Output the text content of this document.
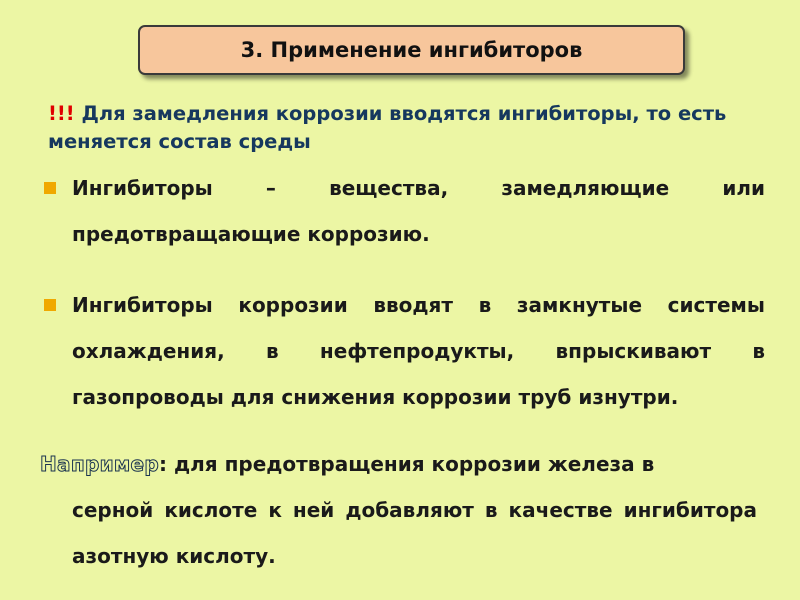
3. Применение ингибиторов
!!! Для замедления коррозии вводятся ингибиторы, то есть меняется состав среды
Ингибиторы – вещества, замедляющие или предотвращающие коррозию.
Ингибиторы коррозии вводят в замкнутые системы охлаждения, в нефтепродукты, впрыскивают в газопроводы для снижения коррозии труб изнутри.
Например: для предотвращения коррозии железа в
серной кислоте к ней добавляют в качестве ингибитора азотную кислоту.
